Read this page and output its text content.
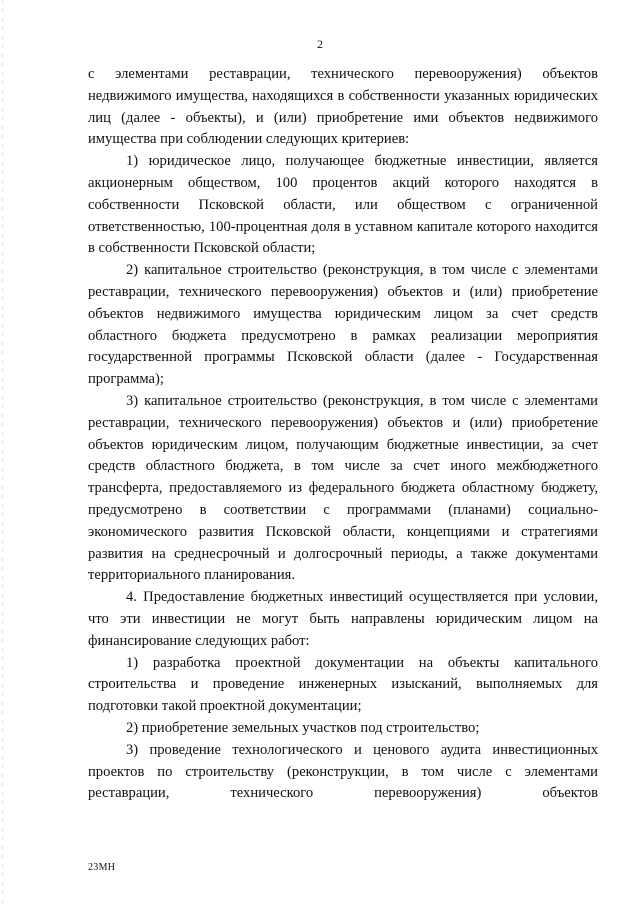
2

с элементами реставрации, технического перевооружения) объектов недвижимого имущества, находящихся в собственности указанных юридических лиц (далее - объекты), и (или) приобретение ими объектов недвижимого имущества при соблюдении следующих критериев:

1) юридическое лицо, получающее бюджетные инвестиции, является акционерным обществом, 100 процентов акций которого находятся в собственности Псковской области, или обществом с ограниченной ответственностью, 100-процентная доля в уставном капитале которого находится в собственности Псковской области;

2) капитальное строительство (реконструкция, в том числе с элементами реставрации, технического перевооружения) объектов и (или) приобретение объектов недвижимого имущества юридическим лицом за счет средств областного бюджета предусмотрено в рамках реализации мероприятия государственной программы Псковской области (далее - Государственная программа);

3) капитальное строительство (реконструкция, в том числе с элементами реставрации, технического перевооружения) объектов и (или) приобретение объектов юридическим лицом, получающим бюджетные инвестиции, за счет средств областного бюджета, в том числе за счет иного межбюджетного трансферта, предоставляемого из федерального бюджета областному бюджету, предусмотрено в соответствии с программами (планами) социально-экономического развития Псковской области, концепциями и стратегиями развития на среднесрочный и долгосрочный периоды, а также документами территориального планирования.

4. Предоставление бюджетных инвестиций осуществляется при условии, что эти инвестиции не могут быть направлены юридическим лицом на финансирование следующих работ:

1) разработка проектной документации на объекты капитального строительства и проведение инженерных изысканий, выполняемых для подготовки такой проектной документации;

2) приобретение земельных участков под строительство;

3) проведение технологического и ценового аудита инвестиционных проектов по строительству (реконструкции, в том числе с элементами реставрации, технического перевооружения) объектов

23МН
